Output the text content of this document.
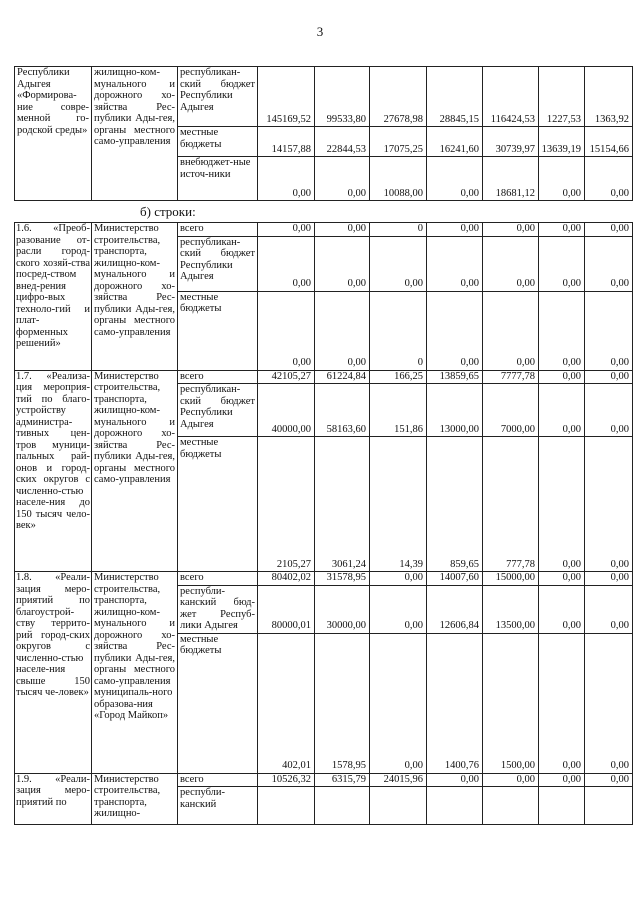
3
Республики
Адыгея «Формирова-ние совре-менной го-родской среды»	жилищно-ком-мунального и дорожного хо-зяйства Рес-публики Ады-гея, органы местного само-управления	республикан-ский бюджет Республики Адыгея	145169,52	99533,80	27678,98	28845,15	116424,53	1227,53	1363,92
		местные бюджеты	14157,88	22844,53	17075,25	16241,60	30739,97	13639,19	15154,66
		внебюджет-ные источ-ники	0,00	0,00	10088,00	0,00	18681,12	0,00	0,00
б) строки:
1.6. «Преоб-разование от-расли город-ского хозяй-ства посред-ством внед-рения цифро-вых техноло-гий и плат-форменных решений»	Министерство строительства, транспорта, жилищно-ком-мунального и дорожного хо-зяйства Рес-публики Ады-гея, органы местного само-управления	всего	0,00	0,00	0	0,00	0,00	0,00	0,00
		республикан-ский бюджет Республики Адыгея	0,00	0,00	0,00	0,00	0,00	0,00	0,00
		местные бюджеты	0,00	0,00	0	0,00	0,00	0,00	0,00
1.7. «Реализа-ция мероприя-тий по благо-устройству администра-тивных цен-тров муници-пальных рай-онов и город-ских округов с численно-стью населе-ния до 150 тысяч чело-век»	Министерство строительства, транспорта, жилищно-ком-мунального и дорожного хо-зяйства Рес-публики Ады-гея, органы местного само-управления	всего	42105,27	61224,84	166,25	13859,65	7777,78	0,00	0,00
		республикан-ский бюджет Республики Адыгея	40000,00	58163,60	151,86	13000,00	7000,00	0,00	0,00
		местные бюджеты	2105,27	3061,24	14,39	859,65	777,78	0,00	0,00
1.8. «Реали-зация меро-приятий по благоустрой-ству террито-рий город-ских округов с численно-стью населе-ния свыше 150 тысяч че-ловек»	Министерство строительства, транспорта, жилищно-ком-мунального и дорожного хо-зяйства Рес-публики Ады-гея, органы местного само-управления муниципаль-ного образова-ния «Город Майкоп»	всего	80402,02	31578,95	0,00	14007,60	15000,00	0,00	0,00
		республи-канский бюд-жет Респуб-лики Адыгея	80000,01	30000,00	0,00	12606,84	13500,00	0,00	0,00
		местные бюджеты	402,01	1578,95	0,00	1400,76	1500,00	0,00	0,00
1.9. «Реали-зация меро-приятий по	Министерство строительства, транспорта, жилищно-	всего	10526,32	6315,79	24015,96	0,00	0,00	0,00	0,00
		республи-канский							
